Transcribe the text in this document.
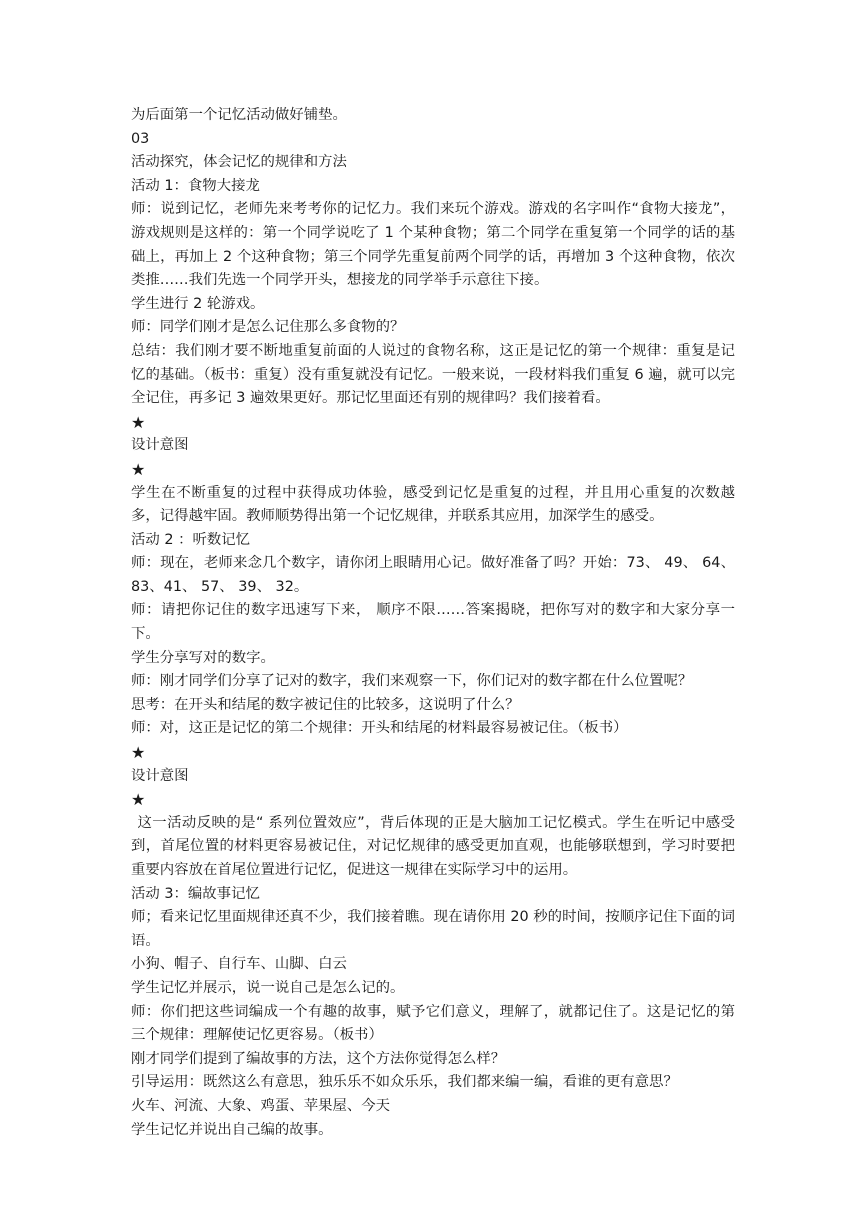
为后面第一个记忆活动做好铺垫。

03

活动探究，体会记忆的规律和方法

活动 1：食物大接龙

师：说到记忆，老师先来考考你的记忆力。我们来玩个游戏。游戏的名字叫作“食物大接龙”，游戏规则是这样的：第一个同学说吃了 1 个某种食物；第二个同学在重复第一个同学的话的基础上，再加上 2 个这种食物；第三个同学先重复前两个同学的话，再增加 3 个这种食物，依次类推……我们先选一个同学开头，想接龙的同学举手示意往下接。

学生进行 2 轮游戏。

师：同学们刚才是怎么记住那么多食物的？

总结：我们刚才要不断地重复前面的人说过的食物名称，这正是记忆的第一个规律：重复是记忆的基础。（板书：重复）没有重复就没有记忆。一般来说，一段材料我们重复 6 遍，就可以完全记住，再多记 3 遍效果更好。那记忆里面还有别的规律吗？我们接着看。

★

设计意图

★

学生在不断重复的过程中获得成功体验，感受到记忆是重复的过程，并且用心重复的次数越多，记得越牢固。教师顺势得出第一个记忆规律，并联系其应用，加深学生的感受。

活动 2 ：听数记忆

师：现在，老师来念几个数字，请你闭上眼睛用心记。做好准备了吗？开始：73、 49、 64、83、41、 57、 39、 32。

师：请把你记住的数字迅速写下来， 顺序不限……答案揭晓，把你写对的数字和大家分享一下。

学生分享写对的数字。

师：刚才同学们分享了记对的数字，我们来观察一下，你们记对的数字都在什么位置呢？

思考：在开头和结尾的数字被记住的比较多，这说明了什么？

师：对，这正是记忆的第二个规律：开头和结尾的材料最容易被记住。（板书）

★

设计意图

★

这一活动反映的是“ 系列位置效应”，背后体现的正是大脑加工记忆模式。学生在听记中感受到，首尾位置的材料更容易被记住，对记忆规律的感受更加直观，也能够联想到，学习时要把重要内容放在首尾位置进行记忆，促进这一规律在实际学习中的运用。

活动 3：编故事记忆

师；看来记忆里面规律还真不少，我们接着瞧。现在请你用 20 秒的时间，按顺序记住下面的词语。

小狗、帽子、自行车、山脚、白云

学生记忆并展示，说一说自己是怎么记的。

师：你们把这些词编成一个有趣的故事，赋予它们意义，理解了，就都记住了。这是记忆的第三个规律：理解使记忆更容易。（板书）

刚才同学们提到了编故事的方法，这个方法你觉得怎么样？

引导运用：既然这么有意思，独乐乐不如众乐乐，我们都来编一编，看谁的更有意思？

火车、河流、大象、鸡蛋、苹果屋、今天

学生记忆并说出自己编的故事。
